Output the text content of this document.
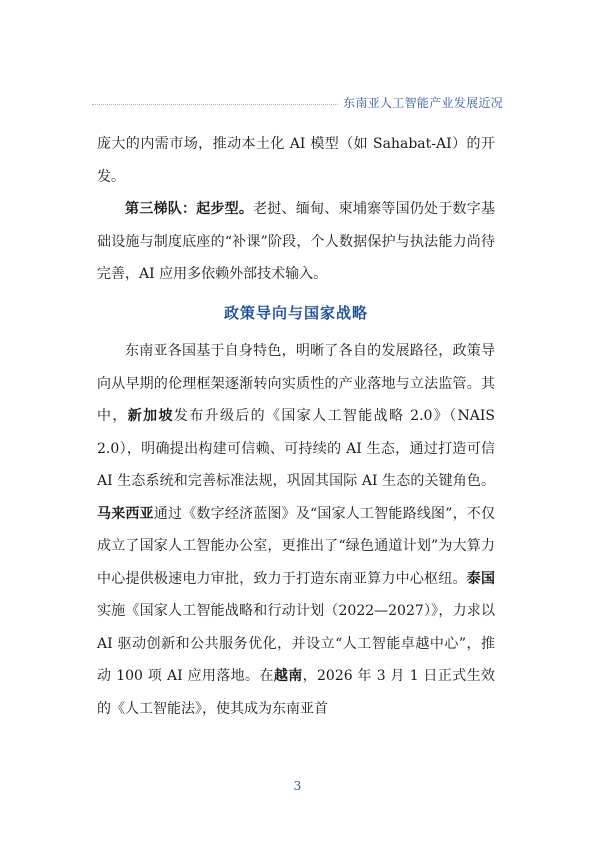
东南亚人工智能产业发展近况

庞大的内需市场，推动本土化 AI 模型（如 Sahabat-AI）的开发。

第三梯队：起步型。老挝、缅甸、柬埔寨等国仍处于数字基础设施与制度底座的“补课”阶段，个人数据保护与执法能力尚待完善，AI 应用多依赖外部技术输入。

政策导向与国家战略

东南亚各国基于自身特色，明晰了各自的发展路径，政策导向从早期的伦理框架逐渐转向实质性的产业落地与立法监管。其中，新加坡发布升级后的《国家人工智能战略 2.0》（NAIS 2.0），明确提出构建可信赖、可持续的 AI 生态，通过打造可信 AI 生态系统和完善标准法规，巩固其国际 AI 生态的关键角色。马来西亚通过《数字经济蓝图》及“国家人工智能路线图”，不仅成立了国家人工智能办公室，更推出了“绿色通道计划”为大算力中心提供极速电力审批，致力于打造东南亚算力中心枢纽。泰国实施《国家人工智能战略和行动计划（2022—2027）》，力求以 AI 驱动创新和公共服务优化，并设立“人工智能卓越中心”，推动 100 项 AI 应用落地。在越南，2026 年 3 月 1 日正式生效的《人工智能法》，使其成为东南亚首

3
